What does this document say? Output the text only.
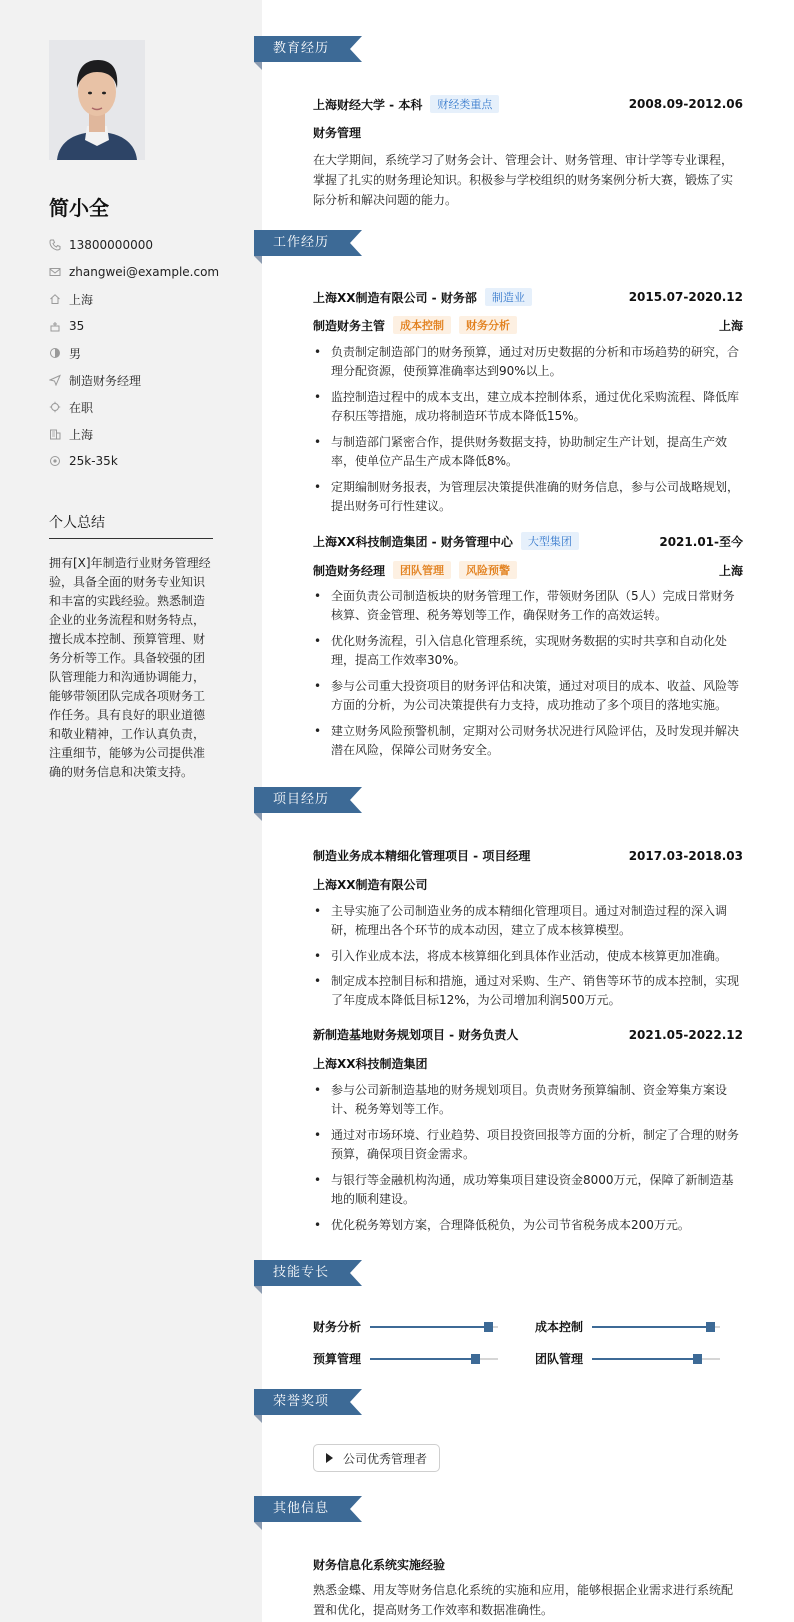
简小全
13800000000
zhangwei@example.com
上海
35
男
制造财务经理
在职
上海
25k-35k
个人总结
拥有[X]年制造行业财务管理经验，具备全面的财务专业知识和丰富的实践经验。熟悉制造企业的业务流程和财务特点，擅长成本控制、预算管理、财务分析等工作。具备较强的团队管理能力和沟通协调能力，能够带领团队完成各项财务工作任务。具有良好的职业道德和敬业精神，工作认真负责，注重细节，能够为公司提供准确的财务信息和决策支持。
教育经历
工作经历
项目经历
技能专长
荣誉奖项
其他信息
上海财经大学 - 本科	财经类重点	2008.09-2012.06
财务管理
在大学期间，系统学习了财务会计、管理会计、财务管理、审计学等专业课程，掌握了扎实的财务理论知识。积极参与学校组织的财务案例分析大赛，锻炼了实际分析和解决问题的能力。
上海XX制造有限公司 - 财务部	制造业	2015.07-2020.12
制造财务主管	成本控制	财务分析	上海
• 负责制定制造部门的财务预算，通过对历史数据的分析和市场趋势的研究，合理分配资源，使预算准确率达到90%以上。
• 监控制造过程中的成本支出，建立成本控制体系，通过优化采购流程、降低库存积压等措施，成功将制造环节成本降低15%。
• 与制造部门紧密合作，提供财务数据支持，协助制定生产计划，提高生产效率，使单位产品生产成本降低8%。
• 定期编制财务报表，为管理层决策提供准确的财务信息，参与公司战略规划，提出财务可行性建议。
上海XX科技制造集团 - 财务管理中心	大型集团	2021.01-至今
制造财务经理	团队管理	风险预警	上海
• 全面负责公司制造板块的财务管理工作，带领财务团队（5人）完成日常财务核算、资金管理、税务筹划等工作，确保财务工作的高效运转。
• 优化财务流程，引入信息化管理系统，实现财务数据的实时共享和自动化处理，提高工作效率30%。
• 参与公司重大投资项目的财务评估和决策，通过对项目的成本、收益、风险等方面的分析，为公司决策提供有力支持，成功推动了多个项目的落地实施。
• 建立财务风险预警机制，定期对公司财务状况进行风险评估，及时发现并解决潜在风险，保障公司财务安全。
制造业务成本精细化管理项目 - 项目经理	2017.03-2018.03
上海XX制造有限公司
• 主导实施了公司制造业务的成本精细化管理项目。通过对制造过程的深入调研，梳理出各个环节的成本动因，建立了成本核算模型。
• 引入作业成本法，将成本核算细化到具体作业活动，使成本核算更加准确。
• 制定成本控制目标和措施，通过对采购、生产、销售等环节的成本控制，实现了年度成本降低目标12%，为公司增加利润500万元。
新制造基地财务规划项目 - 财务负责人	2021.05-2022.12
上海XX科技制造集团
• 参与公司新制造基地的财务规划项目。负责财务预算编制、资金筹集方案设计、税务筹划等工作。
• 通过对市场环境、行业趋势、项目投资回报等方面的分析，制定了合理的财务预算，确保项目资金需求。
• 与银行等金融机构沟通，成功筹集项目建设资金8000万元，保障了新制造基地的顺利建设。
• 优化税务筹划方案，合理降低税负，为公司节省税务成本200万元。
财务分析	成本控制
预算管理	团队管理
公司优秀管理者
财务信息化系统实施经验
熟悉金蝶、用友等财务信息化系统的实施和应用，能够根据企业需求进行系统配置和优化，提高财务工作效率和数据准确性。
